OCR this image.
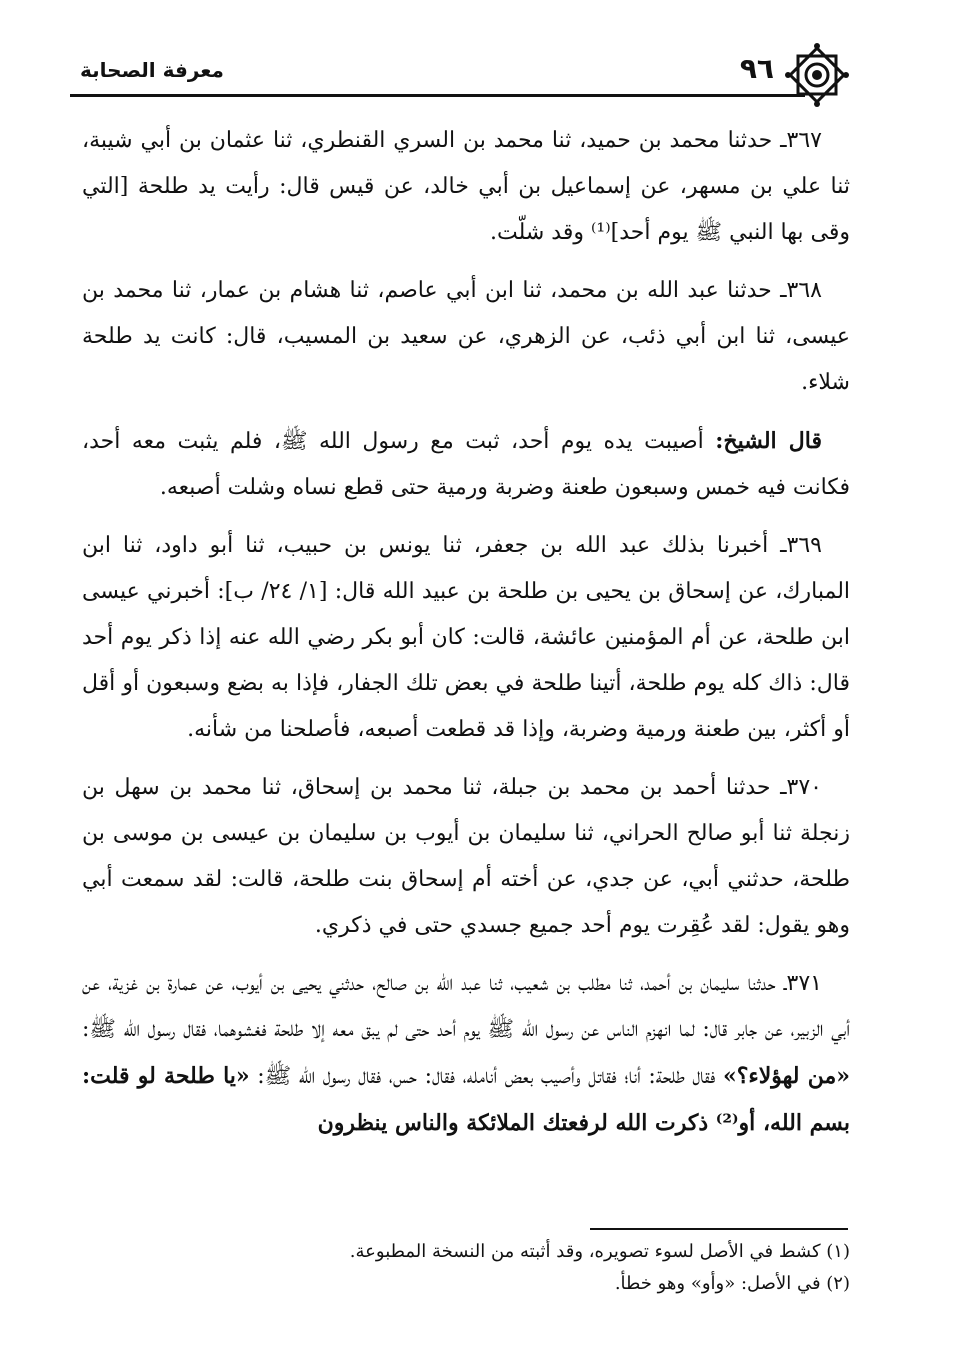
معرفة الصحابة	٩٦

٣٦٧ـ حدثنا محمد بن حميد، ثنا محمد بن السري القنطري، ثنا عثمان بن أبي شيبة، ثنا علي بن مسهر، عن إسماعيل بن أبي خالد، عن قيس قال: رأيت يد طلحة [التي وقى بها النبي ﷺ يوم أحد]⁽¹⁾ وقد شلّت.

٣٦٨ـ حدثنا عبد الله بن محمد، ثنا ابن أبي عاصم، ثنا هشام بن عمار، ثنا محمد بن عيسى، ثنا ابن أبي ذئب، عن الزهري، عن سعيد بن المسيب، قال: كانت يد طلحة شلاء.

قال الشيخ: أصيبت يده يوم أحد، ثبت مع رسول الله ﷺ، فلم يثبت معه أحد، فكانت فيه خمس وسبعون طعنة وضربة ورمية حتى قطع نساه وشلت أصبعه.

٣٦٩ـ أخبرنا بذلك عبد الله بن جعفر، ثنا يونس بن حبيب، ثنا أبو داود، ثنا ابن المبارك، عن إسحاق بن يحيى بن طلحة بن عبيد الله قال: [١/ ٢٤/ ب]: أخبرني عيسى ابن طلحة، عن أم المؤمنين عائشة، قالت: كان أبو بكر رضي الله عنه إذا ذكر يوم أحد قال: ذاك كله يوم طلحة، أتينا طلحة في بعض تلك الجفار، فإذا به بضع وسبعون أو أقل أو أكثر، بين طعنة ورمية وضربة، وإذا قد قطعت أصبعه، فأصلحنا من شأنه.

٣٧٠ـ حدثنا أحمد بن محمد بن جبلة، ثنا محمد بن إسحاق، ثنا محمد بن سهل بن زنجلة ثنا أبو صالح الحراني، ثنا سليمان بن أيوب بن سليمان بن عيسى بن موسى بن طلحة، حدثني أبي، عن جدي، عن أخته أم إسحاق بنت طلحة، قالت: لقد سمعت أبي وهو يقول: لقد عُقِرت يوم أحد جميع جسدي حتى في ذكري.

٣٧١ـ حدثنا سليمان بن أحمد، ثنا مطلب بن شعيب، ثنا عبد الله بن صالح، حدثني يحيى بن أيوب، عن عمارة بن غزية، عن أبي الزبير، عن جابر قال: لما انهزم الناس عن رسول الله ﷺ يوم أحد حتى لم يبق معه إلا طلحة فغشوهما، فقال رسول الله ﷺ: «من لهؤلاء؟» فقال طلحة: أنا؛ فقاتل وأصيب بعض أنامله، فقال: حس، فقال رسول الله ﷺ: «يا طلحة لو قلت: بسم الله، أو⁽²⁾ ذكرت الله لرفعتك الملائكة والناس ينظرون

(١) كشط في الأصل لسوء تصويره، وقد أثبته من النسخة المطبوعة.

(٢) في الأصل: «وأو» وهو خطأ.
